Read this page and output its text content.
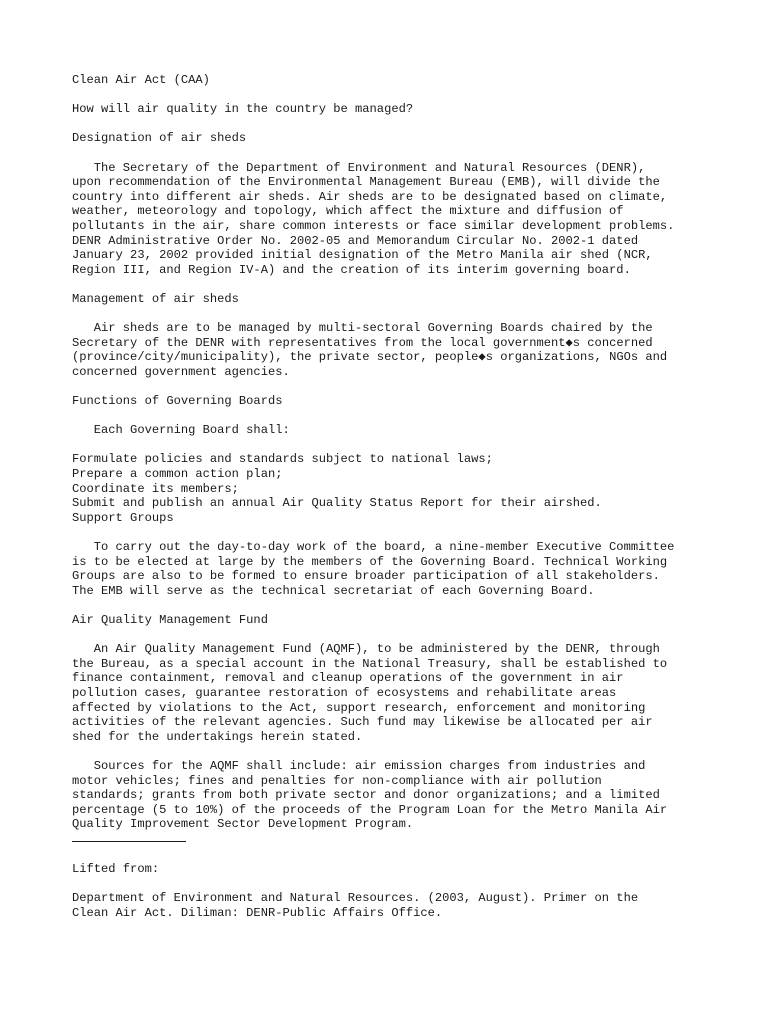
Clean Air Act (CAA)
How will air quality in the country be managed?
Designation of air sheds
The Secretary of the Department of Environment and Natural Resources (DENR),
upon recommendation of the Environmental Management Bureau (EMB), will divide the
country into different air sheds. Air sheds are to be designated based on climate,
weather, meteorology and topology, which affect the mixture and diffusion of
pollutants in the air, share common interests or face similar development problems.
DENR Administrative Order No. 2002-05 and Memorandum Circular No. 2002-1 dated
January 23, 2002 provided initial designation of the Metro Manila air shed (NCR,
Region III, and Region IV-A) and the creation of its interim governing board.
Management of air sheds
Air sheds are to be managed by multi-sectoral Governing Boards chaired by the
Secretary of the DENR with representatives from the local government◆s concerned
(province/city/municipality), the private sector, people◆s organizations, NGOs and
concerned government agencies.
Functions of Governing Boards
Each Governing Board shall:
Formulate policies and standards subject to national laws;
Prepare a common action plan;
Coordinate its members;
Submit and publish an annual Air Quality Status Report for their airshed.
Support Groups
To carry out the day-to-day work of the board, a nine-member Executive Committee
is to be elected at large by the members of the Governing Board. Technical Working
Groups are also to be formed to ensure broader participation of all stakeholders.
The EMB will serve as the technical secretariat of each Governing Board.
Air Quality Management Fund
An Air Quality Management Fund (AQMF), to be administered by the DENR, through
the Bureau, as a special account in the National Treasury, shall be established to
finance containment, removal and cleanup operations of the government in air
pollution cases, guarantee restoration of ecosystems and rehabilitate areas
affected by violations to the Act, support research, enforcement and monitoring
activities of the relevant agencies. Such fund may likewise be allocated per air
shed for the undertakings herein stated.
Sources for the AQMF shall include: air emission charges from industries and
motor vehicles; fines and penalties for non-compliance with air pollution
standards; grants from both private sector and donor organizations; and a limited
percentage (5 to 10%) of the proceeds of the Program Loan for the Metro Manila Air
Quality Improvement Sector Development Program.
Lifted from:
Department of Environment and Natural Resources. (2003, August). Primer on the
Clean Air Act. Diliman: DENR-Public Affairs Office.
